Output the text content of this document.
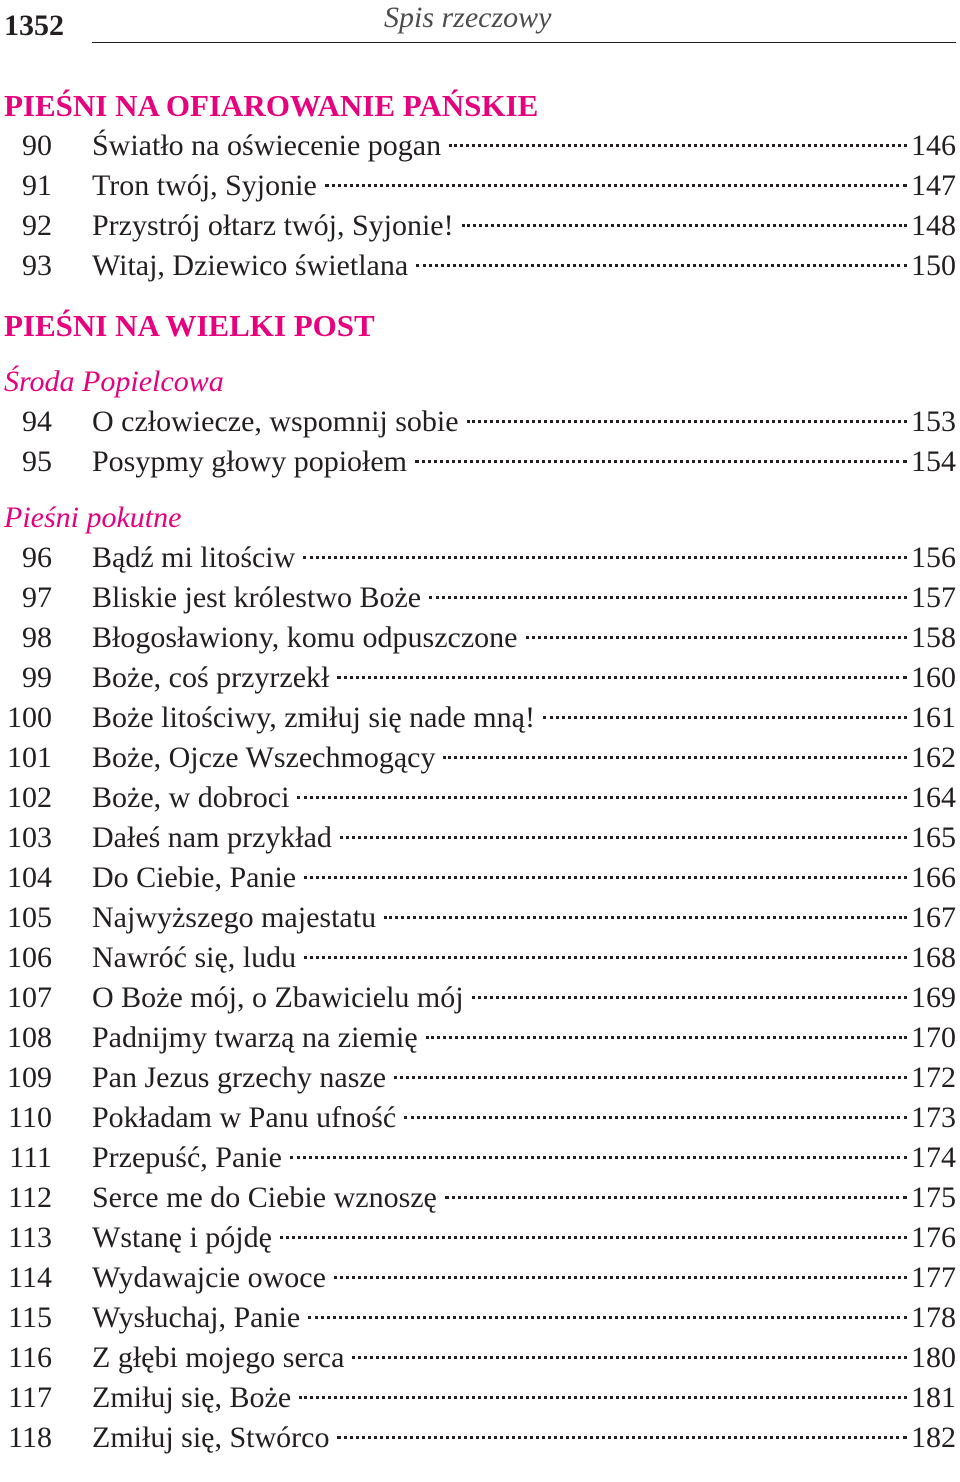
1352	Spis rzeczowy
PIEŚNI NA OFIAROWANIE PAŃSKIE
90 Światło na oświecenie pogan	146
91 Tron twój, Syjonie	147
92 Przystrój ołtarz twój, Syjonie!	148
93 Witaj, Dziewico świetlana	150
PIEŚNI NA WIELKI POST
Środa Popielcowa
94 O człowiecze, wspomnij sobie	153
95 Posypmy głowy popiołem	154
Pieśni pokutne
96 Bądź mi litościw	156
97 Bliskie jest królestwo Boże	157
98 Błogosławiony, komu odpuszczone	158
99 Boże, coś przyrzekł	160
100 Boże litościwy, zmiłuj się nade mną!	161
101 Boże, Ojcze Wszechmogący	162
102 Boże, w dobroci	164
103 Dałeś nam przykład	165
104 Do Ciebie, Panie	166
105 Najwyższego majestatu	167
106 Nawróć się, ludu	168
107 O Boże mój, o Zbawicielu mój	169
108 Padnijmy twarzą na ziemię	170
109 Pan Jezus grzechy nasze	172
110 Pokładam w Panu ufność	173
111 Przepuść, Panie	174
112 Serce me do Ciebie wznoszę	175
113 Wstanę i pójdę	176
114 Wydawajcie owoce	177
115 Wysłuchaj, Panie	178
116 Z głębi mojego serca	180
117 Zmiłuj się, Boże	181
118 Zmiłuj się, Stwórco	182
